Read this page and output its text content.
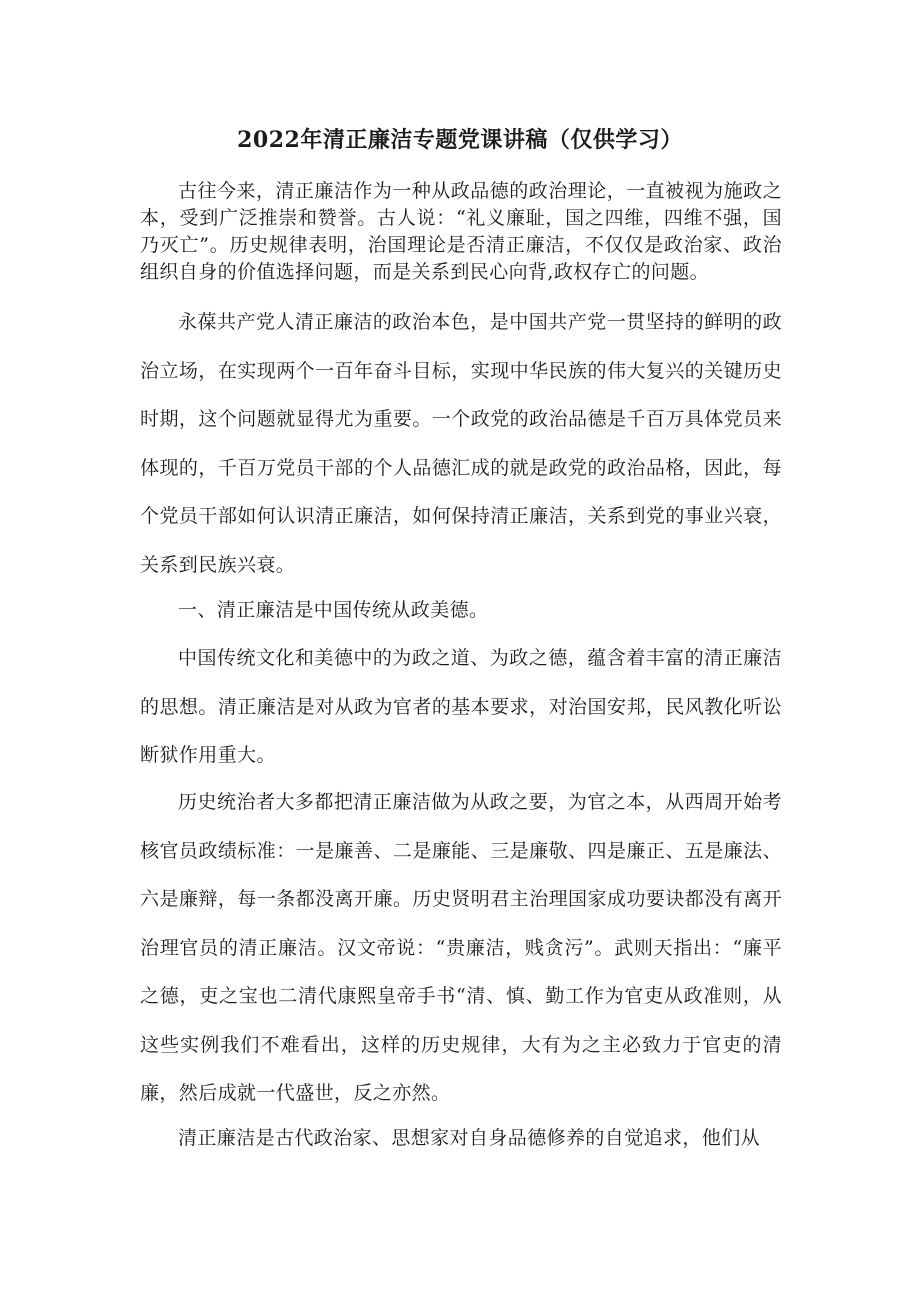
2022年清正廉洁专题党课讲稿（仅供学习）

古往今来，清正廉洁作为一种从政品德的政治理论，一直被视为施政之本，受到广泛推崇和赞誉。古人说：“礼义廉耻，国之四维，四维不强，国乃灭亡”。历史规律表明，治国理论是否清正廉洁，不仅仅是政治家、政治组织自身的价值选择问题，而是关系到民心向背,政权存亡的问题。

永葆共产党人清正廉洁的政治本色，是中国共产党一贯坚持的鲜明的政治立场，在实现两个一百年奋斗目标，实现中华民族的伟大复兴的关键历史时期，这个问题就显得尤为重要。一个政党的政治品德是千百万具体党员来体现的，千百万党员干部的个人品德汇成的就是政党的政治品格，因此，每个党员干部如何认识清正廉洁，如何保持清正廉洁，关系到党的事业兴衰，关系到民族兴衰。

一、清正廉洁是中国传统从政美德。

中国传统文化和美德中的为政之道、为政之德，蕴含着丰富的清正廉洁的思想。清正廉洁是对从政为官者的基本要求，对治国安邦，民风教化听讼断狱作用重大。

历史统治者大多都把清正廉洁做为从政之要，为官之本，从西周开始考核官员政绩标准：一是廉善、二是廉能、三是廉敬、四是廉正、五是廉法、六是廉辩，每一条都没离开廉。历史贤明君主治理国家成功要诀都没有离开治理官员的清正廉洁。汉文帝说：“贵廉洁，贱贪污”。武则天指出：“廉平之德，吏之宝也二清代康熙皇帝手书“清、慎、勤工作为官吏从政准则，从这些实例我们不难看出，这样的历史规律，大有为之主必致力于官吏的清廉，然后成就一代盛世，反之亦然。

清正廉洁是古代政治家、思想家对自身品德修养的自觉追求，他们从
